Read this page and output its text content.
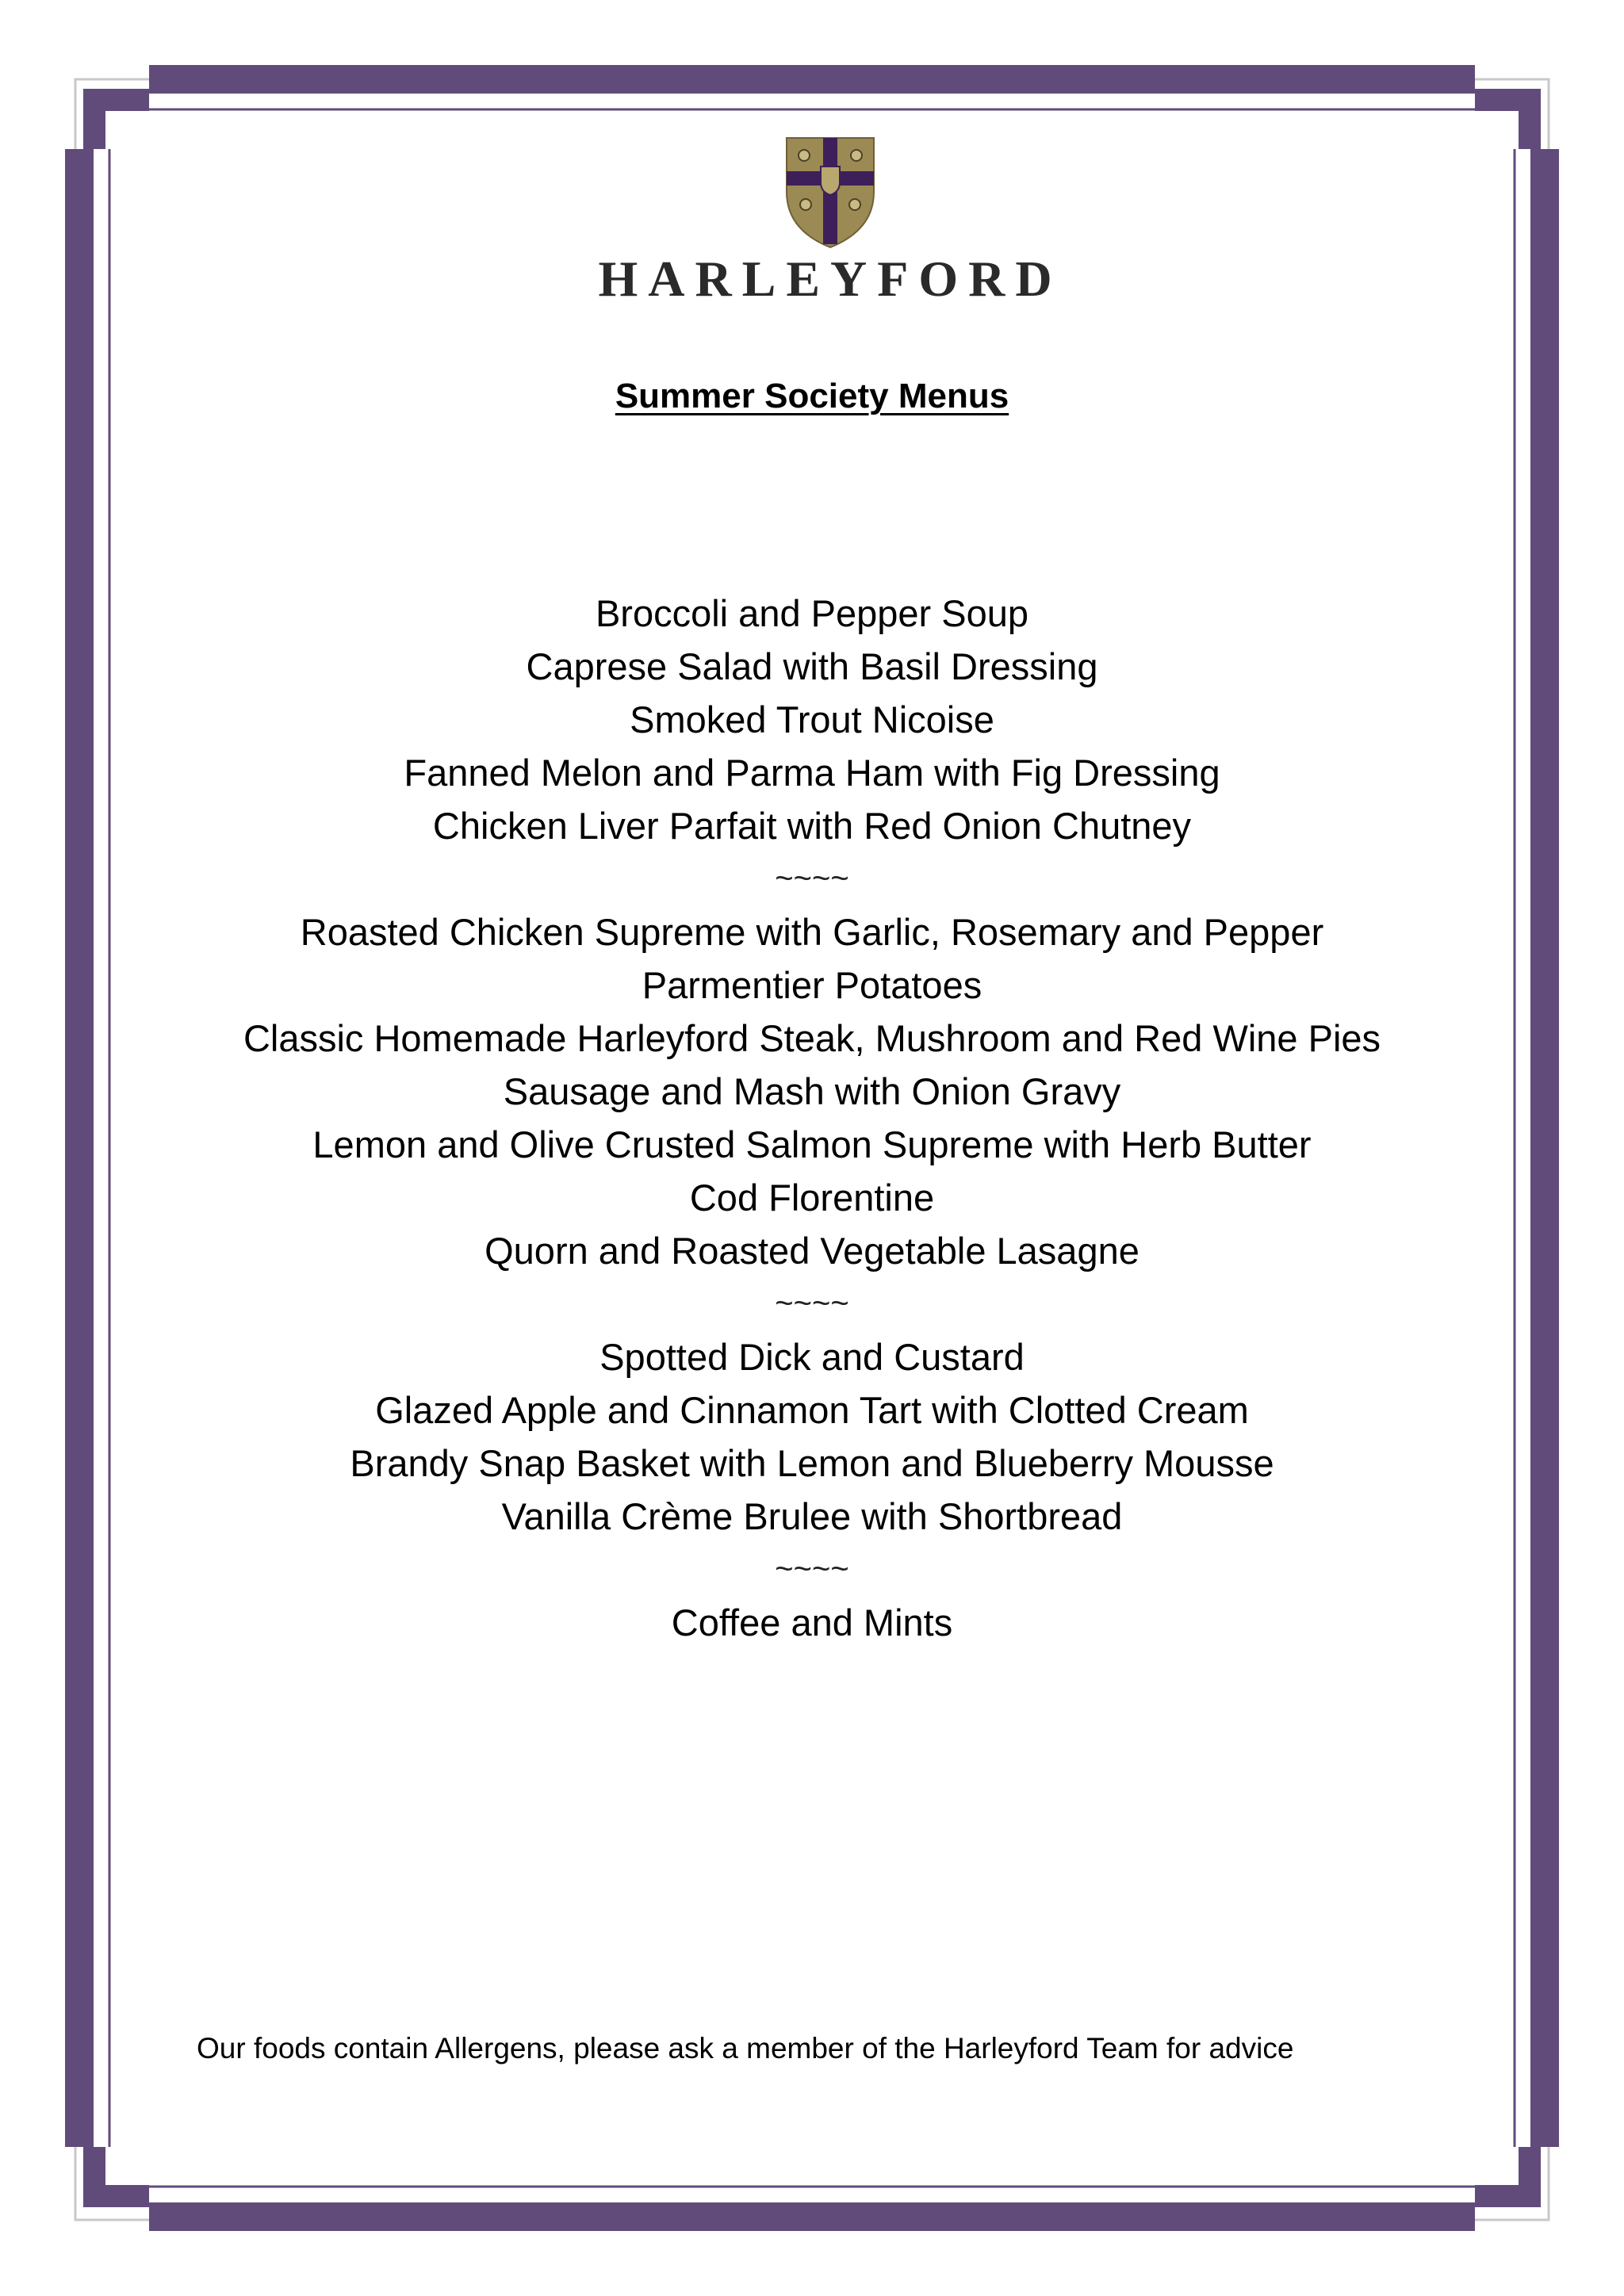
HARLEYFORD
Summer Society Menus
Broccoli and Pepper Soup
Caprese Salad with Basil Dressing
Smoked Trout Nicoise
Fanned Melon and Parma Ham with Fig Dressing
Chicken Liver Parfait with Red Onion Chutney
~~~~
Roasted Chicken Supreme with Garlic, Rosemary and Pepper
Parmentier Potatoes
Classic Homemade Harleyford Steak, Mushroom and Red Wine Pies
Sausage and Mash with Onion Gravy
Lemon and Olive Crusted Salmon Supreme with Herb Butter
Cod Florentine
Quorn and Roasted Vegetable Lasagne
~~~~
Spotted Dick and Custard
Glazed Apple and Cinnamon Tart with Clotted Cream
Brandy Snap Basket with Lemon and Blueberry Mousse
Vanilla Crème Brulee with Shortbread
~~~~
Coffee and Mints
Our foods contain Allergens, please ask a member of the Harleyford Team for advice
